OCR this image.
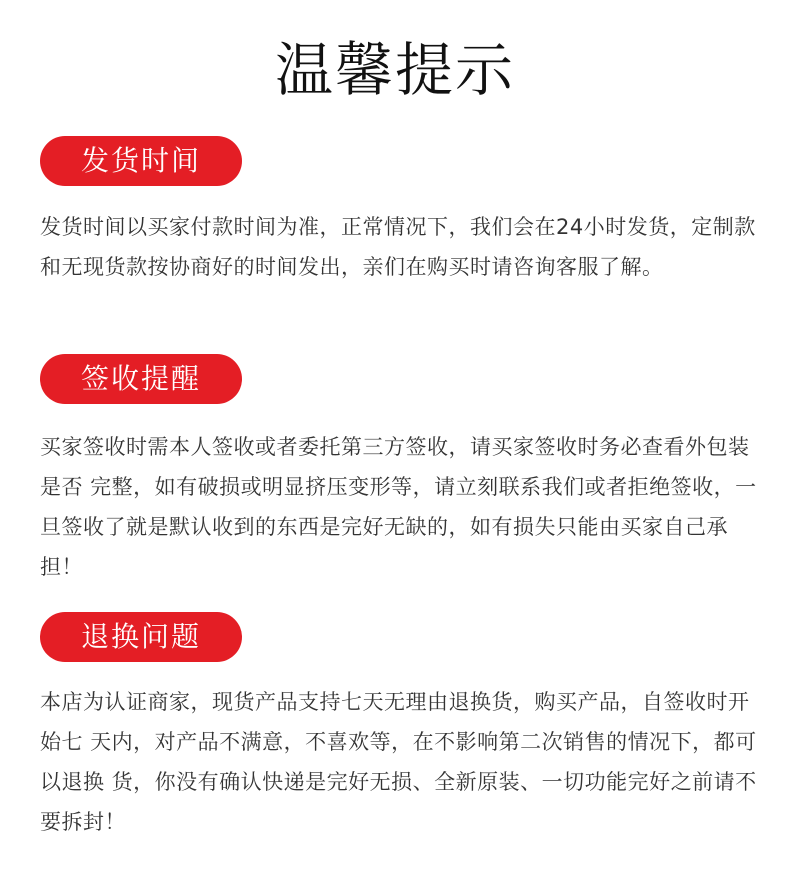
温馨提示
发货时间
发货时间以买家付款时间为准，正常情况下，我们会在24小时发货，定制款和无现货款按协商好的时间发出，亲们在购买时请咨询客服了解。
签收提醒
买家签收时需本人签收或者委托第三方签收，请买家签收时务必查看外包装是否 完整，如有破损或明显挤压变形等，请立刻联系我们或者拒绝签收，一旦签收了就是默认收到的东西是完好无缺的，如有损失只能由买家自己承担！
退换问题
本店为认证商家，现货产品支持七天无理由退换货，购买产品，自签收时开始七 天内，对产品不满意，不喜欢等，在不影响第二次销售的情况下，都可以退换 货，你没有确认快递是完好无损、全新原装、一切功能完好之前请不要拆封！
